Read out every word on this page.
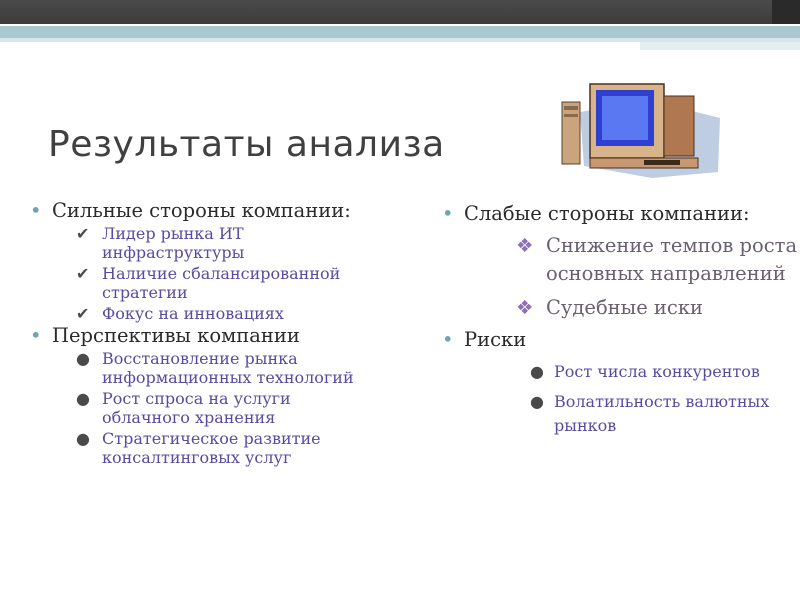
Результаты анализа
• Сильные стороны компании:
✔ Лидер рынка ИТ инфраструктуры
✔ Наличие сбалансированной стратегии
✔ Фокус на инновациях
• Перспективы компании
● Восстановление рынка информационных технологий
● Рост спроса на услуги облачного хранения
● Стратегическое развитие консалтинговых услуг
• Слабые стороны компании:
❖ Снижение темпов роста основных направлений
❖ Судебные иски
• Риски
● Рост числа конкурентов
● Волатильность валютных рынков
